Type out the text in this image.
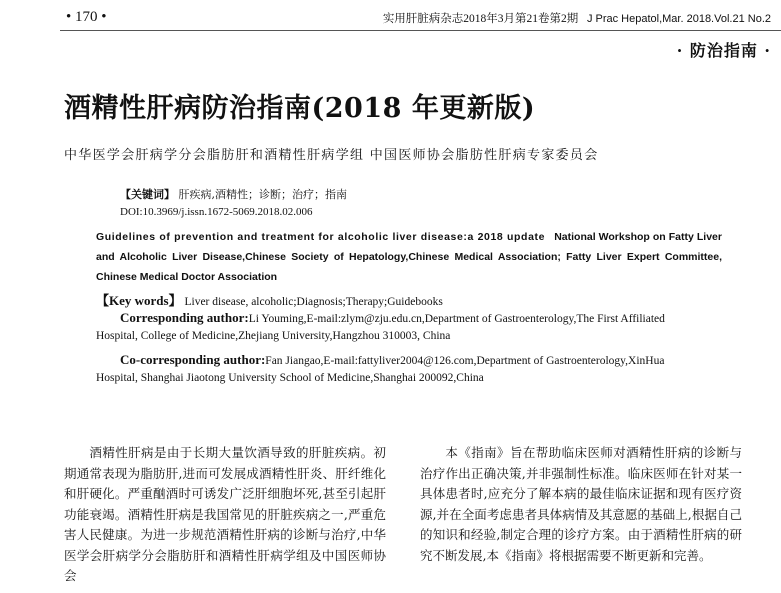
• 170 •	实用肝脏病杂志2018年3月第21卷第2期 J Prac Hepatol,Mar. 2018.Vol.21 No.2
· 防治指南 ·
酒精性肝病防治指南(2018 年更新版)
中华医学会肝病学分会脂肪肝和酒精性肝病学组 中国医师协会脂肪性肝病专家委员会
【关键词】 肝疾病,酒精性；诊断；治疗；指南
DOI:10.3969/j.issn.1672-5069.2018.02.006
Guidelines of prevention and treatment for alcoholic liver disease:a 2018 update National Workshop on Fatty Liver and Alcoholic Liver Disease,Chinese Society of Hepatology,Chinese Medical Association; Fatty Liver Expert Committee, Chinese Medical Doctor Association
【Key words】 Liver disease, alcoholic;Diagnosis;Therapy;Guidebooks
Corresponding author:Li Youming,E-mail:zlym@zju.edu.cn,Department of Gastroenterology,The First Affiliated
Hospital, College of Medicine,Zhejiang University,Hangzhou 310003, China
Co-corresponding author:Fan Jiangao,E-mail:fattyliver2004@126.com,Department of Gastroenterology,XinHua
Hospital, Shanghai Jiaotong University School of Medicine,Shanghai 200092,China
酒精性肝病是由于长期大量饮酒导致的肝脏疾病。初期通常表现为脂肪肝,进而可发展成酒精性肝炎、肝纤维化和肝硬化。严重酗酒时可诱发广泛肝细胞坏死,甚至引起肝功能衰竭。酒精性肝病是我国常见的肝脏疾病之一,严重危害人民健康。为进一步规范酒精性肝病的诊断与治疗,中华医学会肝病学分会脂肪肝和酒精性肝病学组及中国医师协会
本《指南》旨在帮助临床医师对酒精性肝病的诊断与治疗作出正确决策,并非强制性标准。临床医师在针对某一具体患者时,应充分了解本病的最佳临床证据和现有医疗资源,并在全面考虑患者具体病情及其意愿的基础上,根据自己的知识和经验,制定合理的诊疗方案。由于酒精性肝病的研究不断发展,本《指南》将根据需要不断更新和完善。
